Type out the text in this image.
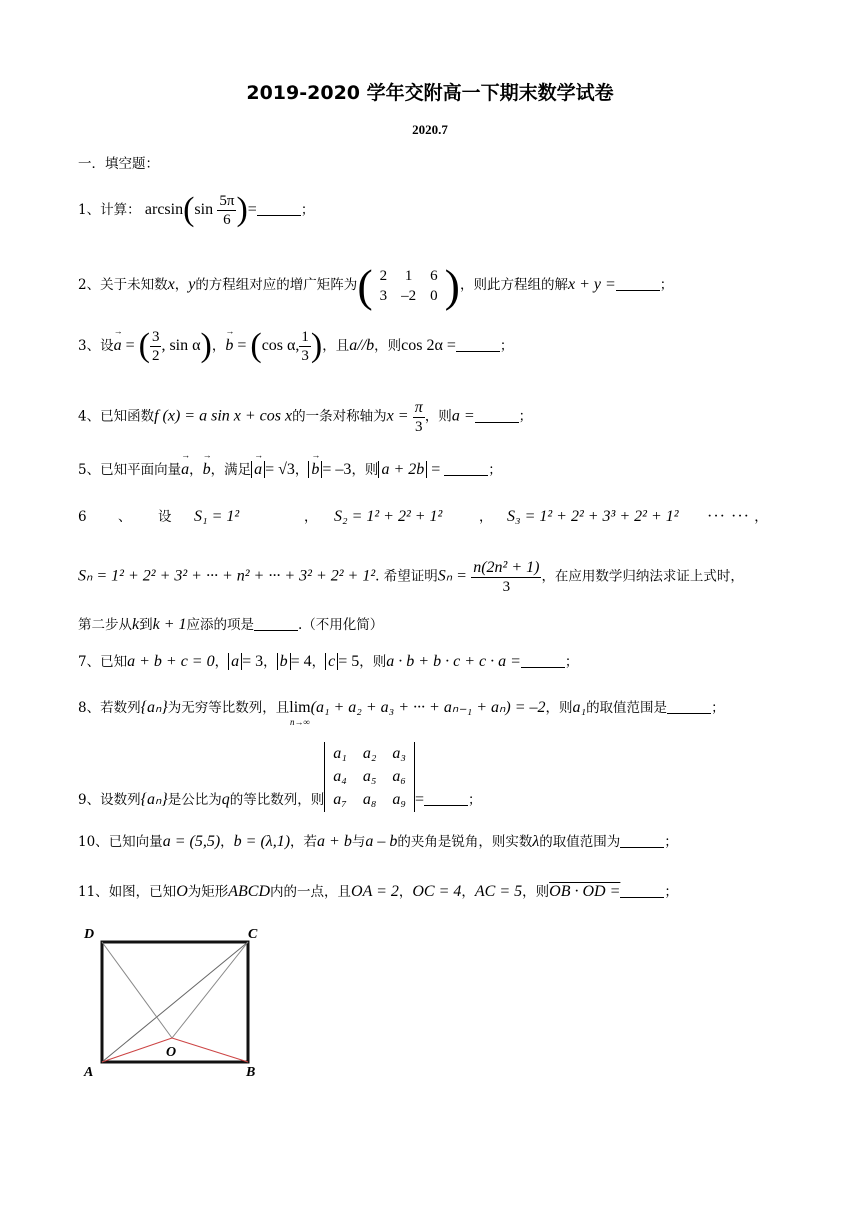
2019-2020 学年交附高一下期末数学试卷
2020.7
一．填空题：
1、计算： $\arcsin(\sin \frac{5\pi}{6}$ )=	；
2、关于未知数x，y的方程组对应的增广矩阵为( 2	1	6
3	–2	0 )，则此方程组的解x + y =	；
3、设→ a = ( $\frac{3}{2}$ , sin α)，→ b = (cos α, $\frac{1}{3}$ )，且a//b，则cos 2α =	；
4、已知函数f (x) = a sin x + cos x的一条对称轴为$x = \frac{\pi}{3}$ ，则a =	；
5、已知平面向量→ a，→ b，满足 → a = √3， → b = –3，则 a + 2b =	；
6 、 设 S₁ = 1²	， S₂ = 1² + 2² + 1²	， S₃ = 1² + 2² + 3³ + 2² + 1² ··· ··· ，
Sₙ = 1² + 2² + 3² + ··· + n² + ··· + 3² + 2² + 1². 希望证明$S_n = \frac{\text{n(2n² + 1)}}{3}$ ，在应用数学归纳法求证上式时，
第二步从k到k + 1应添的项是	.（不用化简）
7、已知a + b + c = 0， a = 3， b = 4， c = 5，则a · b + b · c + c · a =	；
8、若数列{aₙ}为无穷等比数列，且 lim
n→∞
(a₁ + a₂ + a₃ + ··· + aₙ₋₁ + aₙ) = –2，则a₁的取值范围是	；
9、设数列{aₙ}是公比为q的等比数列，则
a₁	a₂	a₃
a₄	a₅	a₆
a₇	a₈	a₉ =	；
10、已知向量a = (5,5)，b = (λ,1)，若a + b与a – b的夹角是锐角，则实数λ的取值范围为	；
11、如图，已知O为矩形ABCD内的一点，且OA = 2，OC = 4，AC = 5，则OB · OD =	；
D	C
A	B
O
